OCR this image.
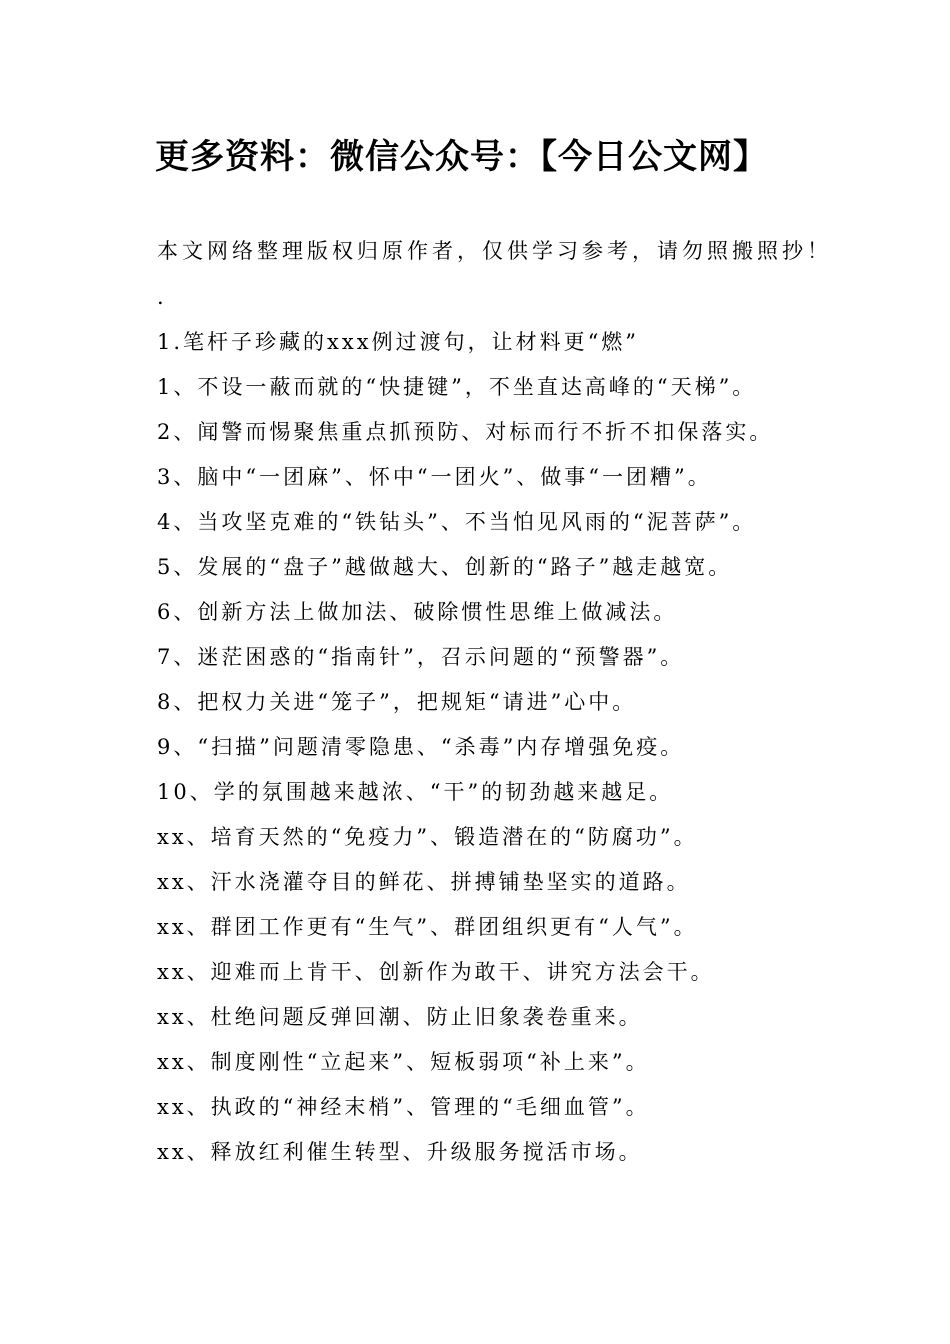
更多资料：微信公众号：【今日公文网】
本文网络整理版权归原作者，仅供学习参考，请勿照搬照抄！
.
1.笔杆子珍藏的xxx例过渡句，让材料更“燃”
1、不设一蔽而就的“快捷键”，不坐直达高峰的“天梯”。
2、闻警而惕聚焦重点抓预防、对标而行不折不扣保落实。
3、脑中“一团麻”、怀中“一团火”、做事“一团糟”。
4、当攻坚克难的“铁钻头”、不当怕见风雨的“泥菩萨”。
5、发展的“盘子”越做越大、创新的“路子”越走越宽。
6、创新方法上做加法、破除惯性思维上做减法。
7、迷茫困惑的“指南针”，召示问题的“预警器”。
8、把权力关进“笼子”，把规矩“请进”心中。
9、“扫描”问题清零隐患、“杀毒”内存增强免疫。
10、学的氛围越来越浓、“干”的韧劲越来越足。
xx、培育天然的“免疫力”、锻造潜在的“防腐功”。
xx、汗水浇灌夺目的鲜花、拼搏铺垫坚实的道路。
xx、群团工作更有“生气”、群团组织更有“人气”。
xx、迎难而上肯干、创新作为敢干、讲究方法会干。
xx、杜绝问题反弹回潮、防止旧象袭卷重来。
xx、制度刚性“立起来”、短板弱项“补上来”。
xx、执政的“神经末梢”、管理的“毛细血管”。
xx、释放红利催生转型、升级服务搅活市场。
